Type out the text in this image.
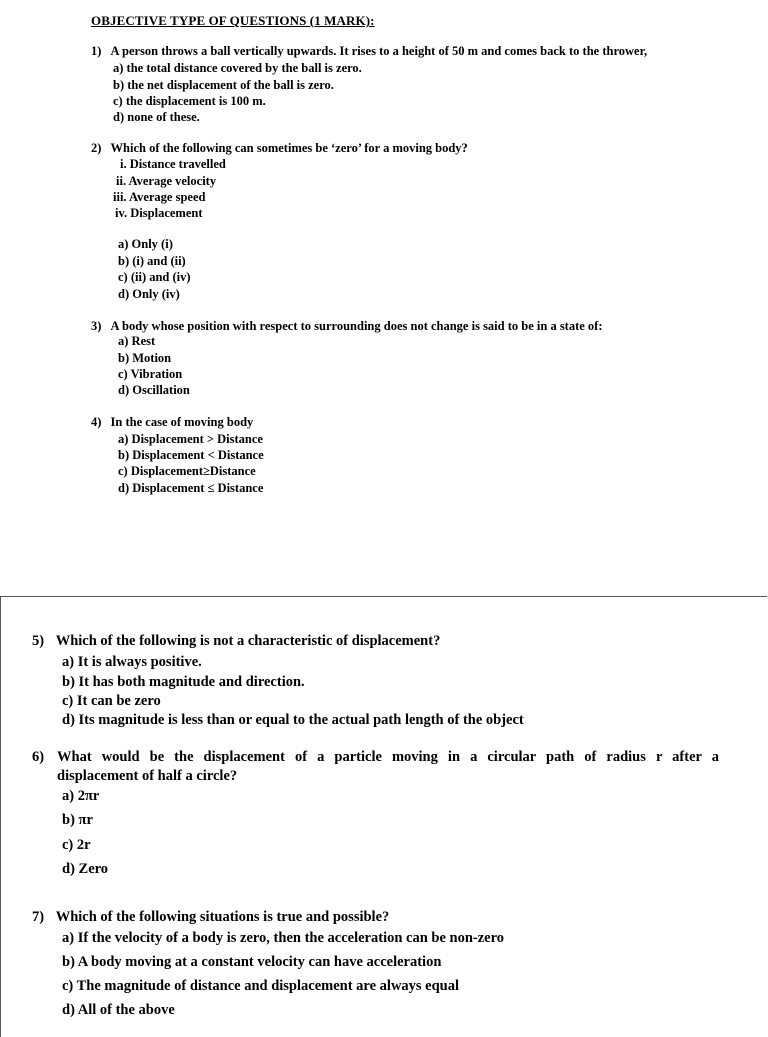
OBJECTIVE TYPE OF QUESTIONS (1 MARK):
1) A person throws a ball vertically upwards. It rises to a height of 50 m and comes back to the thrower,
a) the total distance covered by the ball is zero.
b) the net displacement of the ball is zero.
c) the displacement is 100 m.
d) none of these.
2) Which of the following can sometimes be ‘zero’ for a moving body?
i. Distance travelled
ii. Average velocity
iii. Average speed
iv. Displacement
a) Only (i)
b) (i) and (ii)
c) (ii) and (iv)
d) Only (iv)
3) A body whose position with respect to surrounding does not change is said to be in a state of:
a) Rest
b) Motion
c) Vibration
d) Oscillation
4) In the case of moving body
a) Displacement > Distance
b) Displacement < Distance
c) Displacement≥Distance
d) Displacement ≤ Distance
5) Which of the following is not a characteristic of displacement?
a) It is always positive.
b) It has both magnitude and direction.
c) It can be zero
d) Its magnitude is less than or equal to the actual path length of the object
6) What would be the displacement of a particle moving in a circular path of radius r after a
displacement of half a circle?
a) 2πr
b) πr
c) 2r
d) Zero
7) Which of the following situations is true and possible?
a) If the velocity of a body is zero, then the acceleration can be non-zero
b) A body moving at a constant velocity can have acceleration
c) The magnitude of distance and displacement are always equal
d) All of the above
